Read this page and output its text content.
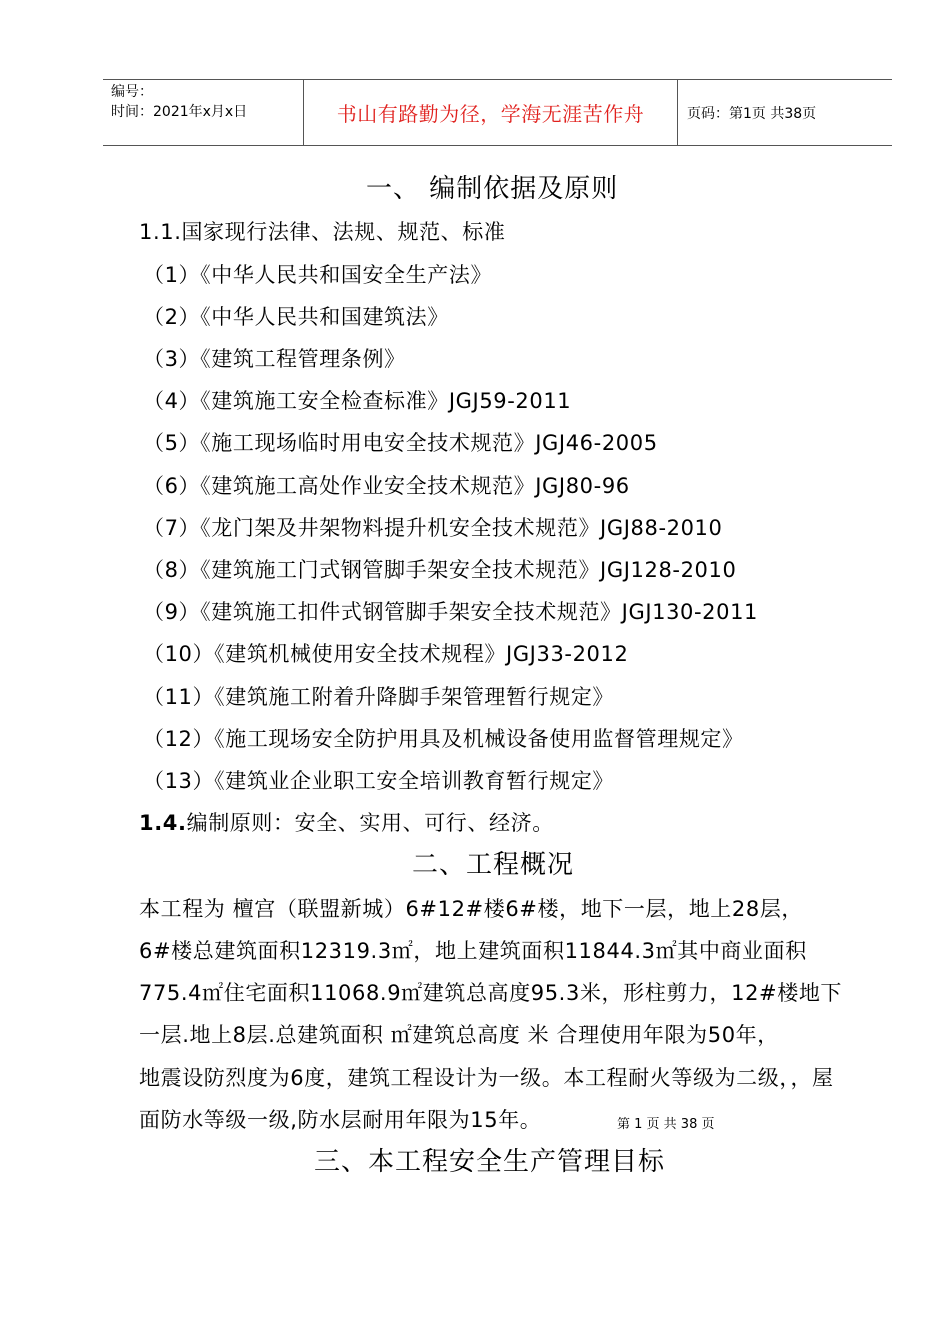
编号：
时间：2021年x月x日	书山有路勤为径，学海无涯苦作舟	页码：第1页 共38页
一、 编制依据及原则
1.1.国家现行法律、法规、规范、标准
（1）《中华人民共和国安全生产法》
（2）《中华人民共和国建筑法》
（3）《建筑工程管理条例》
（4）《建筑施工安全检查标准》JGJ59-2011
（5）《施工现场临时用电安全技术规范》JGJ46-2005
（6）《建筑施工高处作业安全技术规范》JGJ80-96
（7）《龙门架及井架物料提升机安全技术规范》JGJ88-2010
（8）《建筑施工门式钢管脚手架安全技术规范》JGJ128-2010
（9）《建筑施工扣件式钢管脚手架安全技术规范》JGJ130-2011
（10）《建筑机械使用安全技术规程》JGJ33-2012
（11）《建筑施工附着升降脚手架管理暂行规定》
（12）《施工现场安全防护用具及机械设备使用监督管理规定》
（13）《建筑业企业职工安全培训教育暂行规定》
1.4.编制原则：安全、实用、可行、经济。
二、工程概况
本工程为 檀宫（联盟新城）6#12#楼6#楼，地下一层，地上28层，
6#楼总建筑面积12319.3㎡，地上建筑面积11844.3㎡其中商业面积
775.4㎡住宅面积11068.9㎡建筑总高度95.3米，形柱剪力，12#楼地下
一层.地上8层.总建筑面积 ㎡建筑总高度 米 合理使用年限为50年，
地震设防烈度为6度，建筑工程设计为一级。本工程耐火等级为二级，，屋
面防水等级一级,防水层耐用年限为15年。	第 1 页 共 38 页
三、本工程安全生产管理目标
